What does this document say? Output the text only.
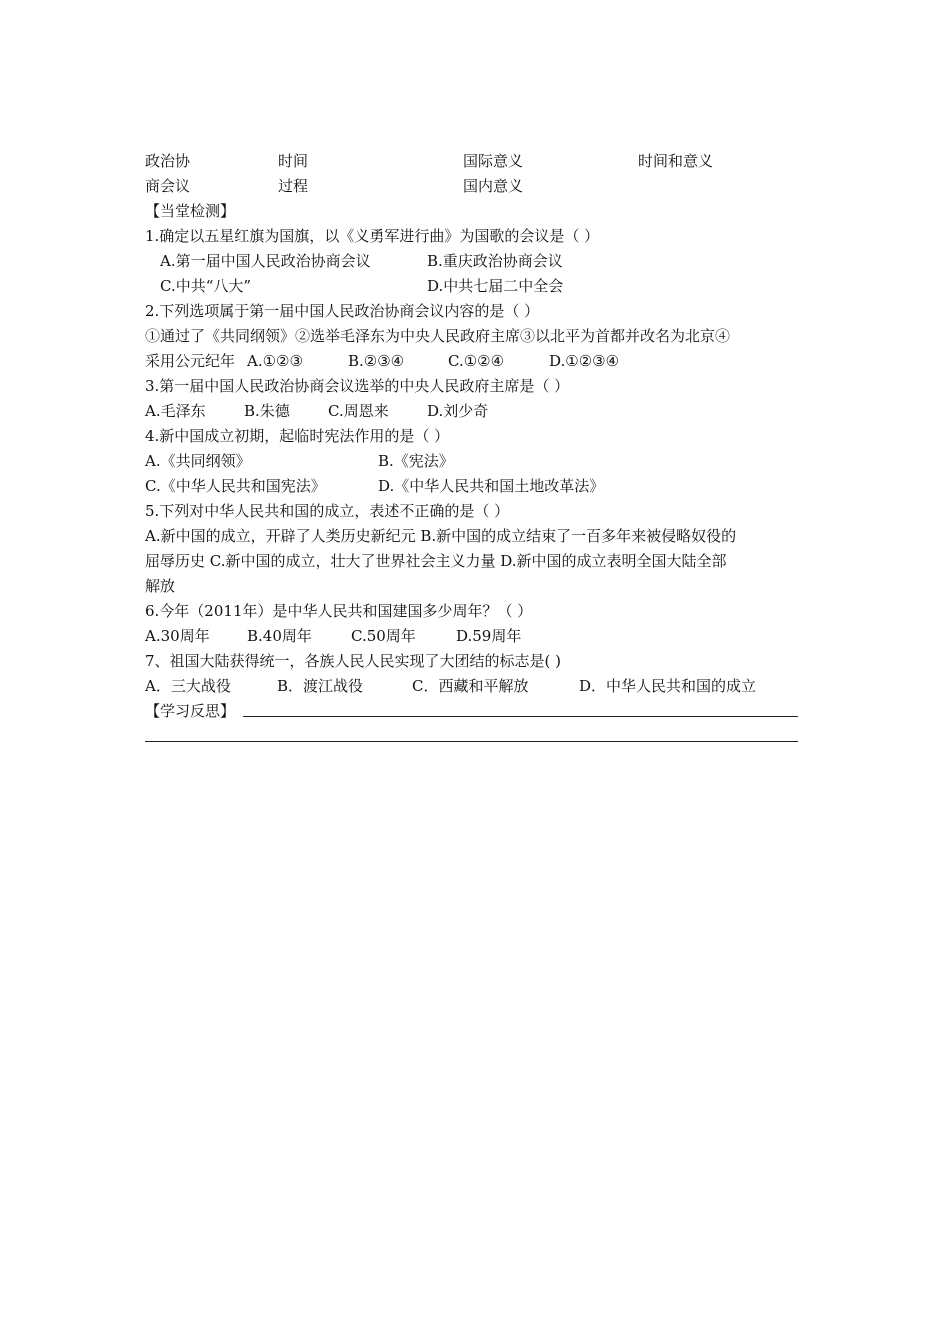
政治协	时间	国际意义	时间和意义
商会议	过程	国内意义
【当堂检测】
1.确定以五星红旗为国旗，以《义勇军进行曲》为国歌的会议是（ ）
A.第一届中国人民政治协商会议	B.重庆政治协商会议
C.中共“八大”	D.中共七届二中全会
2.下列选项属于第一届中国人民政治协商会议内容的是（ ）
①通过了《共同纲领》②选举毛泽东为中央人民政府主席③以北平为首都并改名为北京④
采用公元纪年 A.①②③	B.②③④	C.①②④	D.①②③④
3.第一届中国人民政治协商会议选举的中央人民政府主席是（ ）
A.毛泽东	B.朱德	C.周恩来	D.刘少奇
4.新中国成立初期，起临时宪法作用的是（ ）
A.《共同纲领》	B.《宪法》
C.《中华人民共和国宪法》	D.《中华人民共和国土地改革法》
5.下列对中华人民共和国的成立，表述不正确的是（ ）
A.新中国的成立，开辟了人类历史新纪元 B.新中国的成立结束了一百多年来被侵略奴役的
屈辱历史 C.新中国的成立，壮大了世界社会主义力量 D.新中国的成立表明全国大陆全部
解放
6.今年（2011年）是中华人民共和国建国多少周年？（ ）
A.30周年 B.40周年	C.50周年	D.59周年
7、祖国大陆获得统一，各族人民人民实现了大团结的标志是( )
A．三大战役	B．渡江战役	C．西藏和平解放	D．中华人民共和国的成立
【学习反思】
